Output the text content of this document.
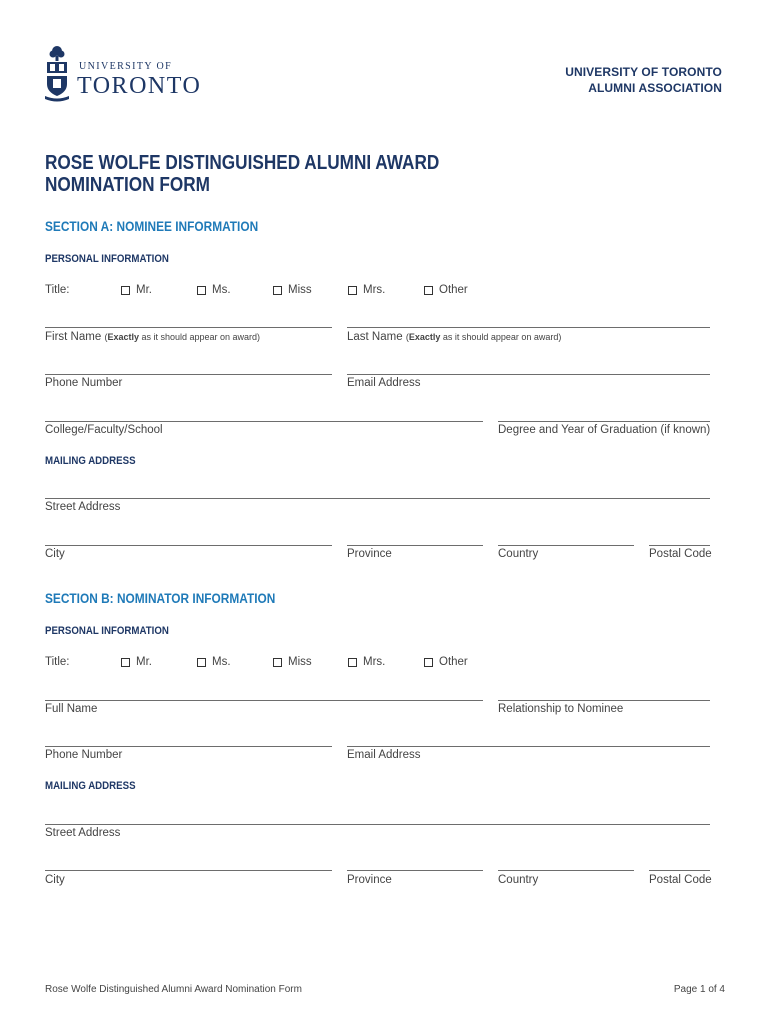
UNIVERSITY OF
TORONTO
UNIVERSITY OF TORONTO
ALUMNI ASSOCIATION
ROSE WOLFE DISTINGUISHED ALUMNI AWARD
NOMINATION FORM
SECTION A: NOMINEE INFORMATION
PERSONAL INFORMATION
Title:	Mr.	Ms.	Miss	Mrs.	Other
First Name (Exactly as it should appear on award)	Last Name (Exactly as it should appear on award)
Phone Number	Email Address
College/Faculty/School	Degree and Year of Graduation (if known)
MAILING ADDRESS
Street Address
City	Province	Country	Postal Code
SECTION B: NOMINATOR INFORMATION
PERSONAL INFORMATION
Title:	Mr.	Ms.	Miss	Mrs.	Other
Full Name	Relationship to Nominee
Phone Number	Email Address
MAILING ADDRESS
Street Address
City	Province	Country	Postal Code
Rose Wolfe Distinguished Alumni Award Nomination Form	Page 1 of 4
